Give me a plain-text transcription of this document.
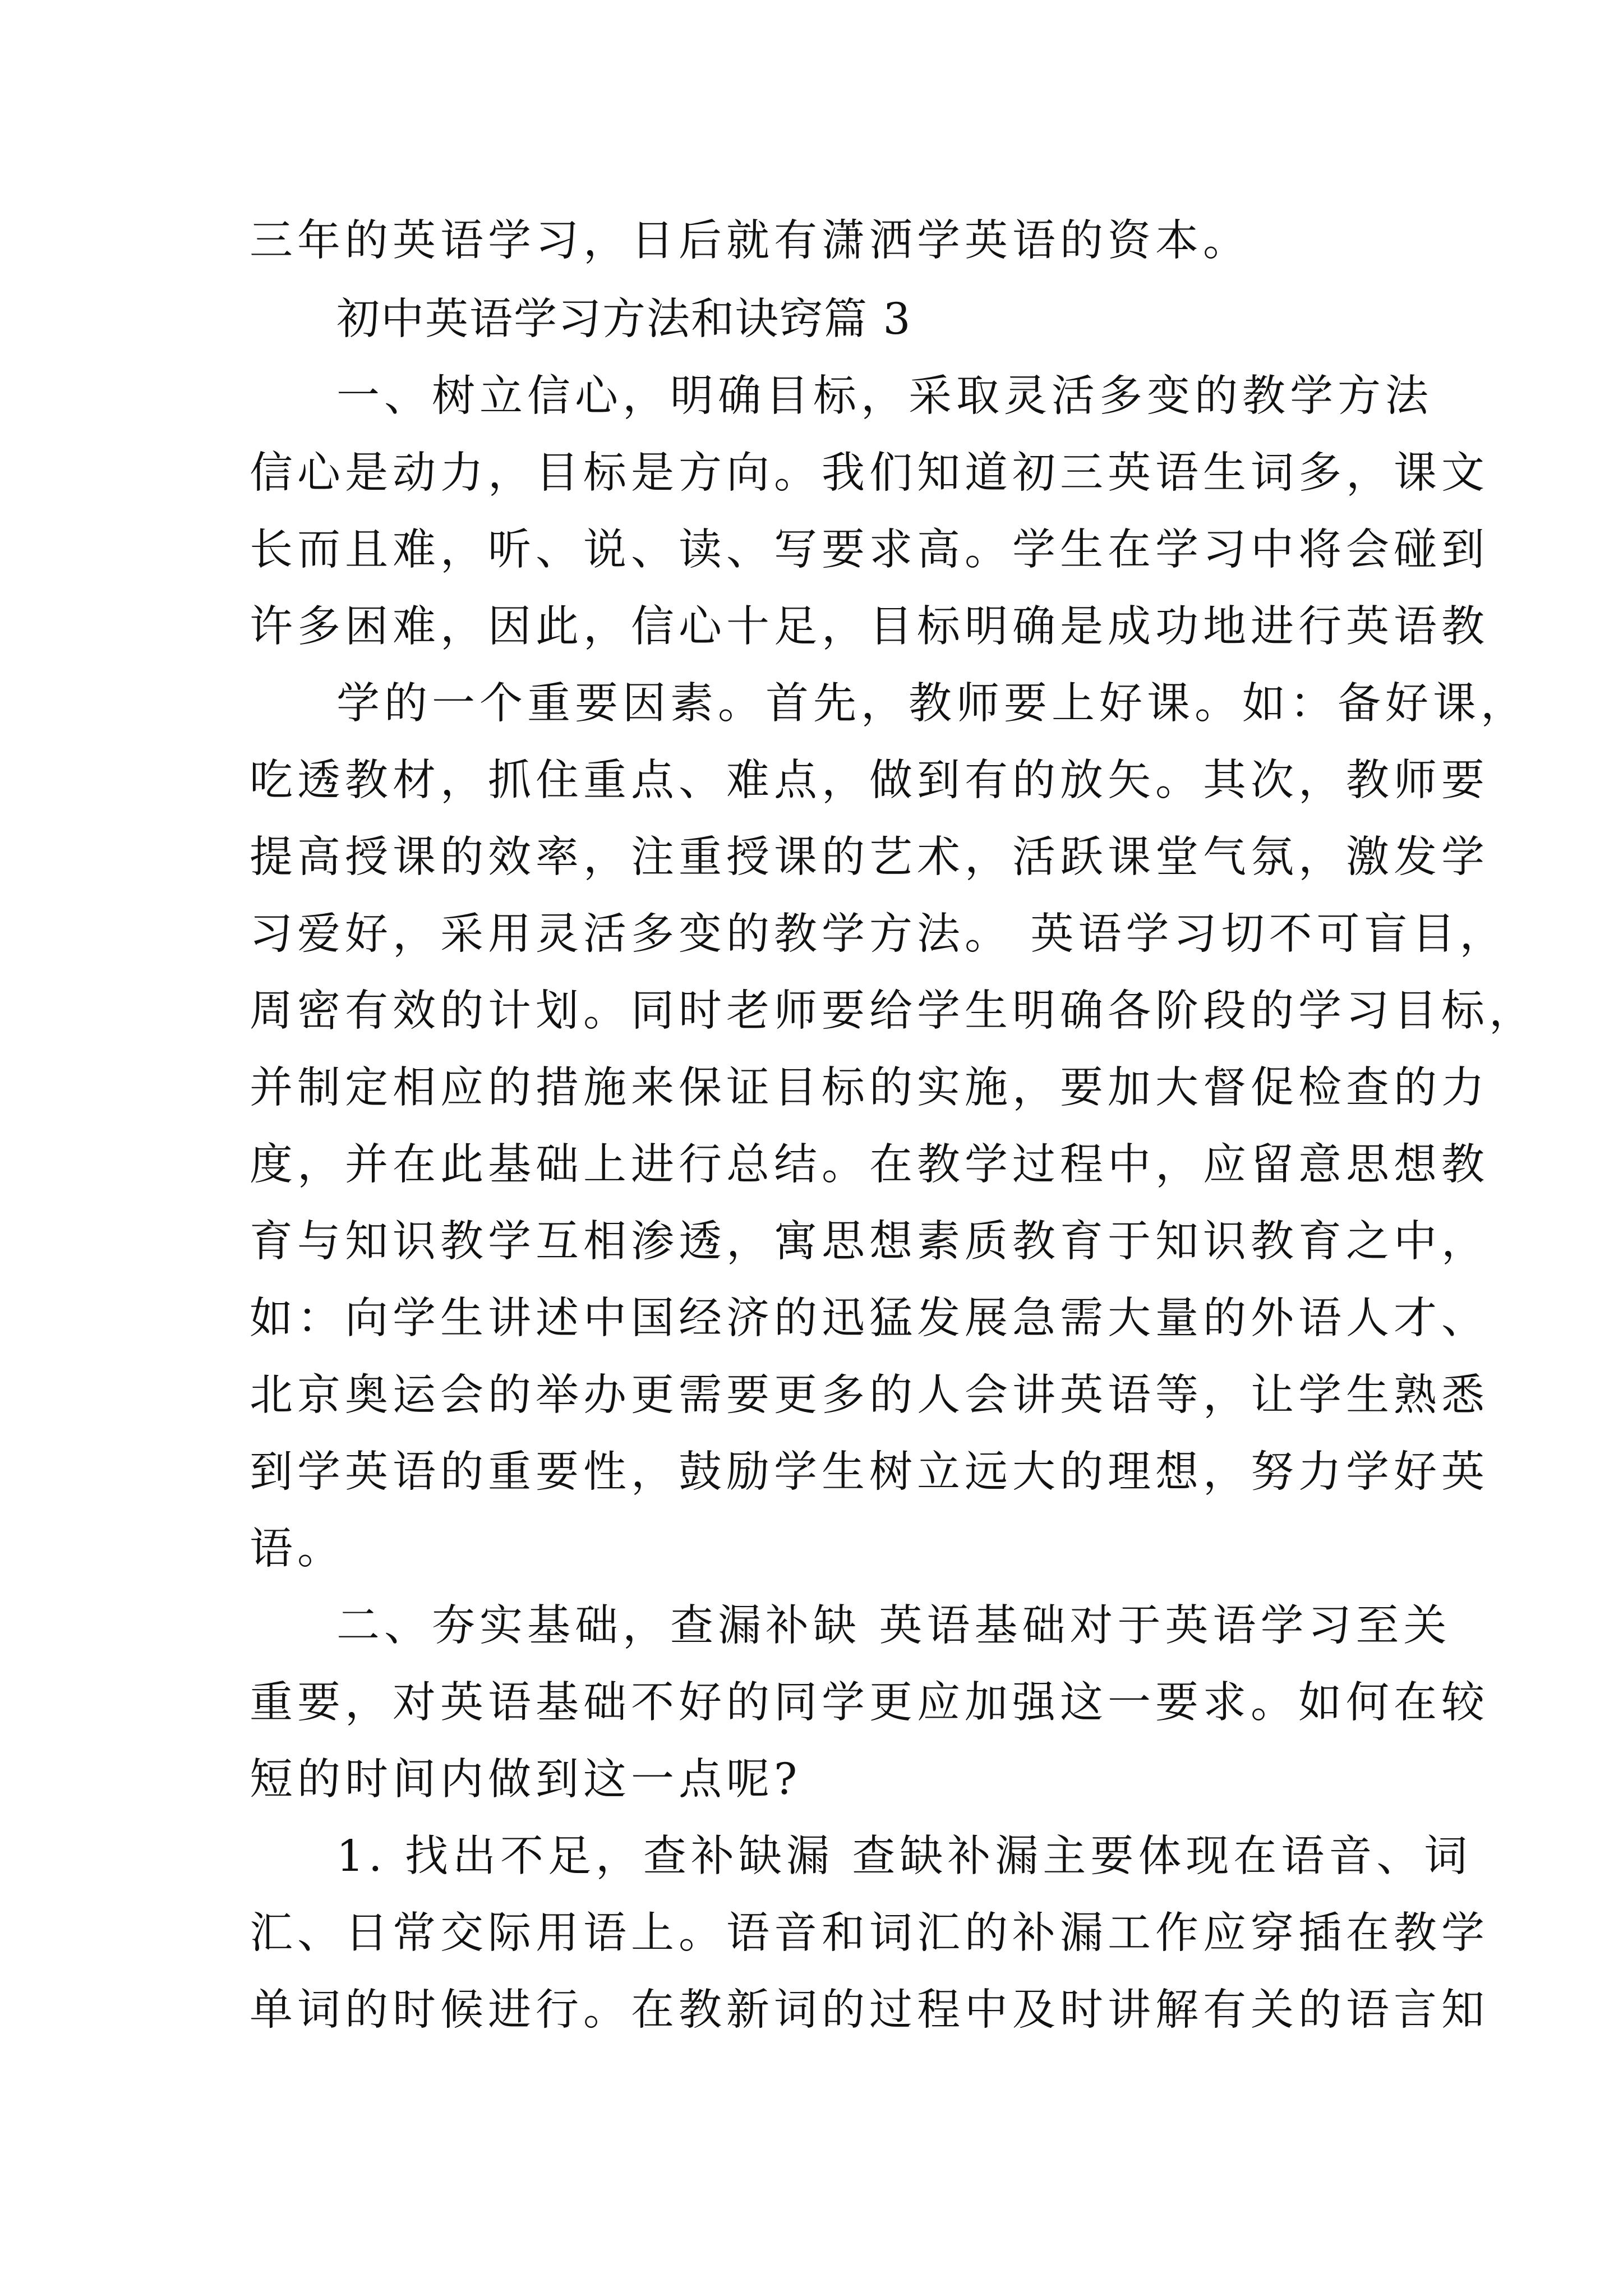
三年的英语学习，日后就有潇洒学英语的资本。
初中英语学习方法和诀窍篇 3
一、树立信心，明确目标，采取灵活多变的教学方法
信心是动力，目标是方向。我们知道初三英语生词多，课文
长而且难，听、说、读、写要求高。学生在学习中将会碰到
许多困难，因此，信心十足，目标明确是成功地进行英语教
学的一个重要因素。首先，教师要上好课。如：备好课，
吃透教材，抓住重点、难点，做到有的放矢。其次，教师要
提高授课的效率，注重授课的艺术，活跃课堂气氛，激发学
习爱好，采用灵活多变的教学方法。 英语学习切不可盲目，
周密有效的计划。同时老师要给学生明确各阶段的学习目标，
并制定相应的措施来保证目标的实施，要加大督促检查的力
度，并在此基础上进行总结。在教学过程中，应留意思想教
育与知识教学互相渗透，寓思想素质教育于知识教育之中，
如：向学生讲述中国经济的迅猛发展急需大量的外语人才、
北京奥运会的举办更需要更多的人会讲英语等，让学生熟悉
到学英语的重要性，鼓励学生树立远大的理想，努力学好英
语。
二、夯实基础，查漏补缺 英语基础对于英语学习至关
重要，对英语基础不好的同学更应加强这一要求。如何在较
短的时间内做到这一点呢?
1. 找出不足，查补缺漏 查缺补漏主要体现在语音、词
汇、日常交际用语上。语音和词汇的补漏工作应穿插在教学
单词的时候进行。在教新词的过程中及时讲解有关的语言知
